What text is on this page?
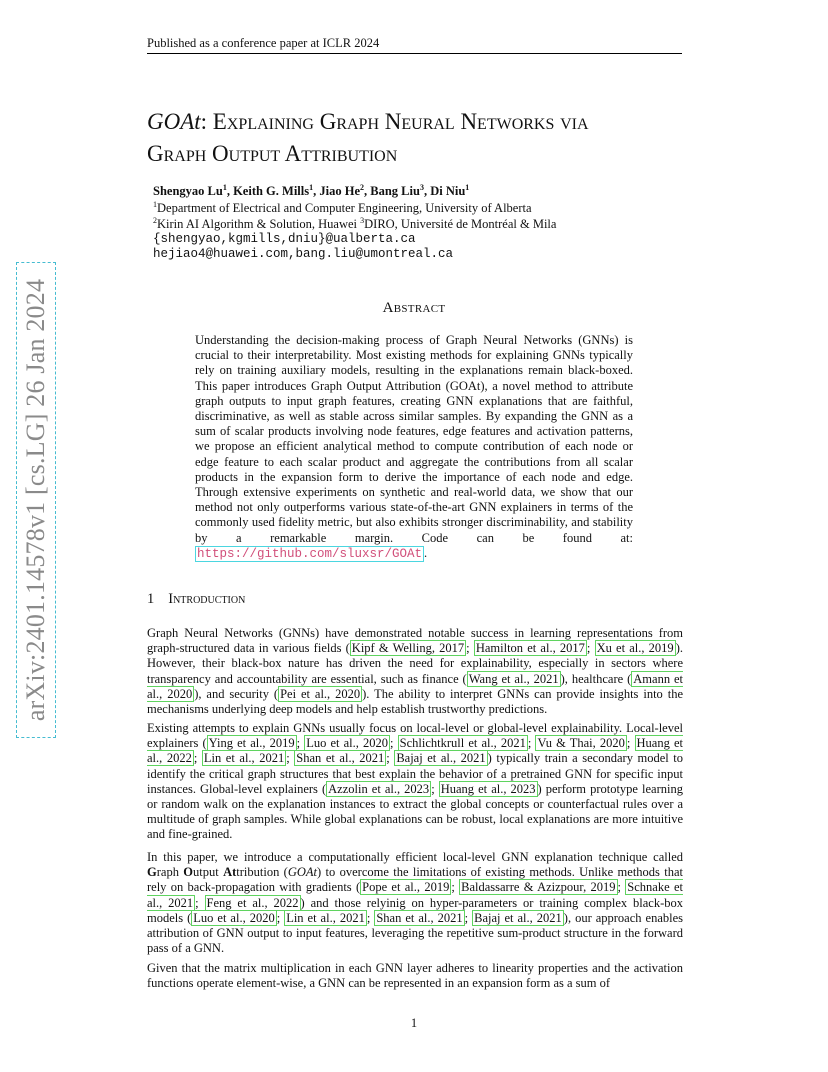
Published as a conference paper at ICLR 2024
arXiv:2401.14578v1 [cs.LG] 26 Jan 2024
GOAt: Explaining Graph Neural Networks via
Graph Output Attribution
Shengyao Lu$^1$, Keith G. Mills$^1$, Jiao He$^2$, Bang Liu$^3$, Di Niu$^1$
$^1$Department of Electrical and Computer Engineering, University of Alberta
$^2$Kirin AI Algorithm & Solution, Huawei $^3$DIRO, Université de Montréal & Mila
{shengyao,kgmills,dniu}@ualberta.ca
hejiao4@huawei.com,bang.liu@umontreal.ca
Abstract
Understanding the decision-making process of Graph Neural Networks (GNNs) is crucial to their interpretability. Most existing methods for explaining GNNs typically rely on training auxiliary models, resulting in the explanations remain black-boxed. This paper introduces Graph Output Attribution (GOAt), a novel method to attribute graph outputs to input graph features, creating GNN explanations that are faithful, discriminative, as well as stable across similar samples. By expanding the GNN as a sum of scalar products involving node features, edge features and activation patterns, we propose an efficient analytical method to compute contribution of each node or edge feature to each scalar product and aggregate the contributions from all scalar products in the expansion form to derive the importance of each node and edge. Through extensive experiments on synthetic and real-world data, we show that our method not only outperforms various state-of-the-art GNN explainers in terms of the commonly used fidelity metric, but also exhibits stronger discriminability, and stability by a remarkable margin. Code can be found at: https://github.com/sluxsr/GOAt .
1 Introduction
Graph Neural Networks (GNNs) have demonstrated notable success in learning representations from graph-structured data in various fields ( Kipf & Welling, 2017 ; Hamilton et al., 2017 ; Xu et al., 2019 ). However, their black-box nature has driven the need for explainability, especially in sectors where transparency and accountability are essential, such as finance ( Wang et al., 2021 ), healthcare ( Amann et al., 2020 ), and security ( Pei et al., 2020 ). The ability to interpret GNNs can provide insights into the mechanisms underlying deep models and help establish trustworthy predictions.
Existing attempts to explain GNNs usually focus on local-level or global-level explainability. Local-level explainers ( Ying et al., 2019 ; Luo et al., 2020 ; Schlichtkrull et al., 2021 ; Vu & Thai, 2020 ; Huang et al., 2022 ; Lin et al., 2021 ; Shan et al., 2021 ; Bajaj et al., 2021 ) typically train a secondary model to identify the critical graph structures that best explain the behavior of a pretrained GNN for specific input instances. Global-level explainers ( Azzolin et al., 2023 ; Huang et al., 2023 ) perform prototype learning or random walk on the explanation instances to extract the global concepts or counterfactual rules over a multitude of graph samples. While global explanations can be robust, local explanations are more intuitive and fine-grained.
In this paper, we introduce a computationally efficient local-level GNN explanation technique called Graph Output Attribution (GOAt) to overcome the limitations of existing methods. Unlike methods that rely on back-propagation with gradients ( Pope et al., 2019 ; Baldassarre & Azizpour, 2019 ; Schnake et al., 2021 ; Feng et al., 2022 ) and those relyinig on hyper-parameters or training complex black-box models ( Luo et al., 2020 ; Lin et al., 2021 ; Shan et al., 2021 ; Bajaj et al., 2021 ), our approach enables attribution of GNN output to input features, leveraging the repetitive sum-product structure in the forward pass of a GNN.
Given that the matrix multiplication in each GNN layer adheres to linearity properties and the activation functions operate element-wise, a GNN can be represented in an expansion form as a sum of
1
